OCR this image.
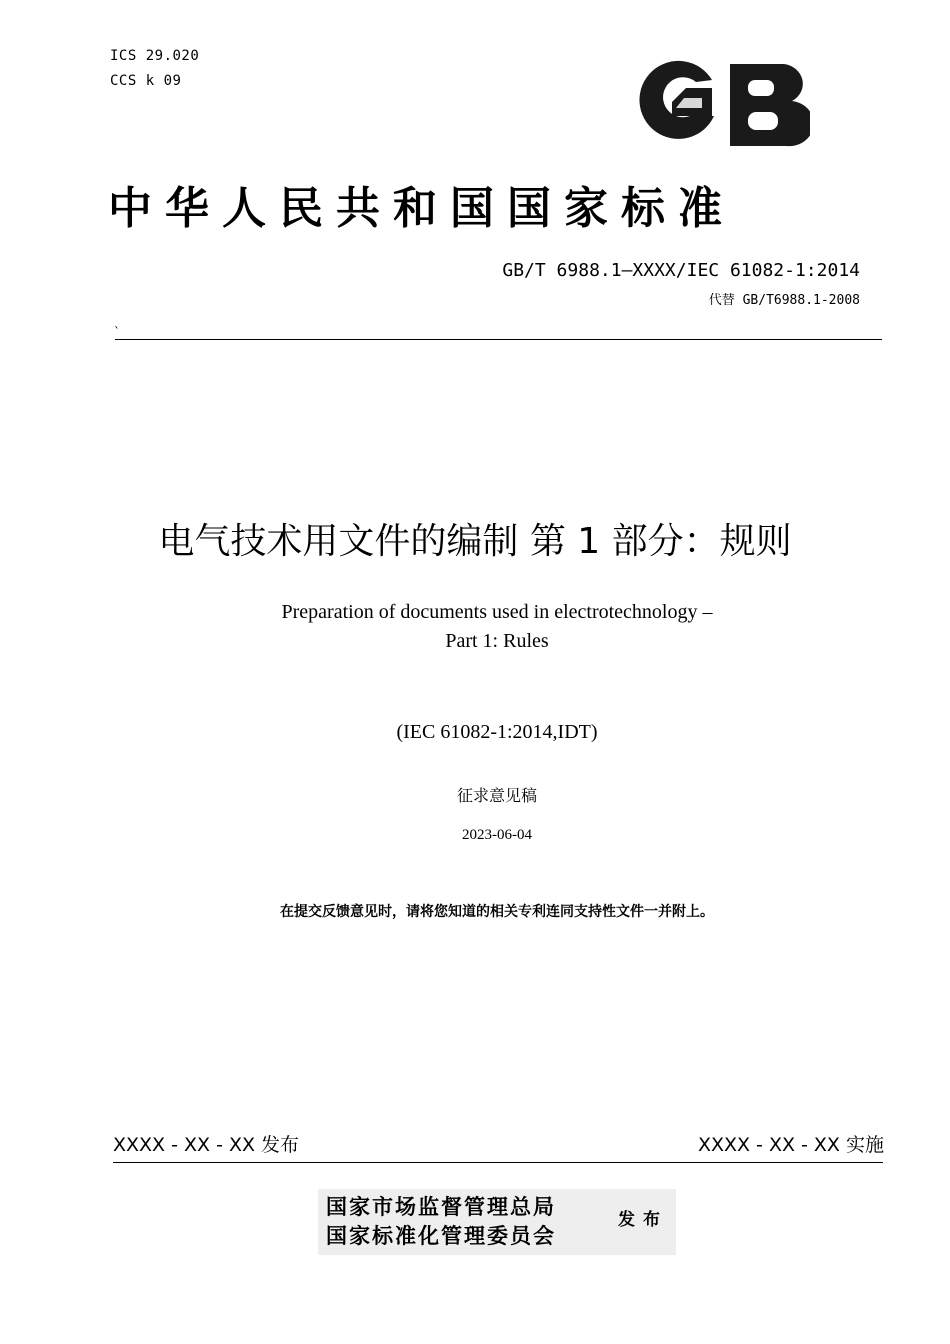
ICS 29.020
CCS k 09
中华人民共和国国家标准
GB/T 6988.1—XXXX/IEC 61082-1:2014
代替 GB/T6988.1-2008
`
电气技术用文件的编制 第 1 部分：规则
Preparation of documents used in electrotechnology –
Part 1: Rules
(IEC 61082-1:2014,IDT)
征求意见稿
2023-06-04
在提交反馈意见时，请将您知道的相关专利连同支持性文件一并附上。
XXXX - XX - XX 发布	XXXX - XX - XX 实施
国家市场监督管理总局
国家标准化管理委员会
发布
